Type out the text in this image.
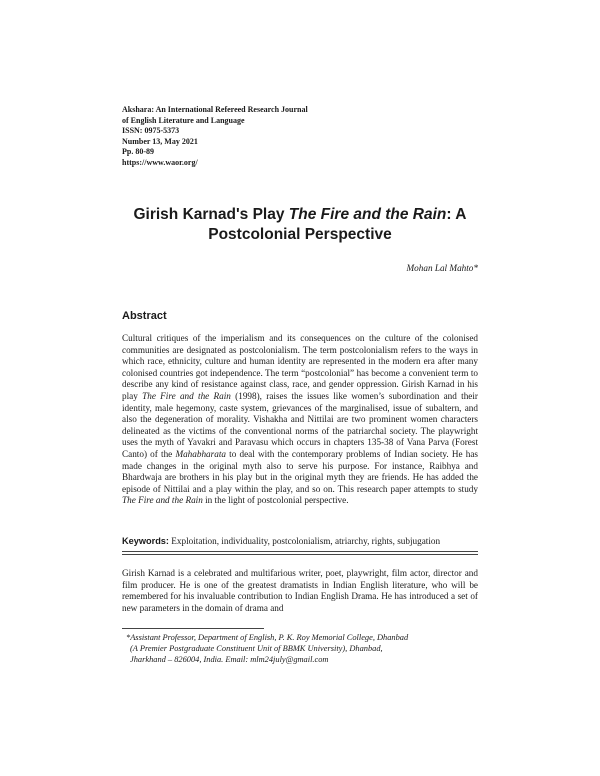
Akshara: An International Refereed Research Journal
of English Literature and Language
ISSN: 0975-5373
Number 13, May 2021
Pp. 80-89
https://www.waor.org/
Girish Karnad's Play The Fire and the Rain: A Postcolonial Perspective
Mohan Lal Mahto*
Abstract
Cultural critiques of the imperialism and its consequences on the culture of the colonised communities are designated as postcolonialism. The term postcolonialism refers to the ways in which race, ethnicity, culture and human identity are represented in the modern era after many colonised countries got independence. The term “postcolonial” has become a convenient term to describe any kind of resistance against class, race, and gender oppression. Girish Karnad in his play The Fire and the Rain (1998), raises the issues like women’s subordination and their identity, male hegemony, caste system, grievances of the marginalised, issue of subaltern, and also the degeneration of morality. Vishakha and Nittilai are two prominent women characters delineated as the victims of the conventional norms of the patriarchal society. The playwright uses the myth of Yavakri and Paravasu which occurs in chapters 135-38 of Vana Parva (Forest Canto) of the Mahabharata to deal with the contemporary problems of Indian society. He has made changes in the original myth also to serve his purpose. For instance, Raibhya and Bhardwaja are brothers in his play but in the original myth they are friends. He has added the episode of Nittilai and a play within the play, and so on. This research paper attempts to study The Fire and the Rain in the light of postcolonial perspective.
Keywords: Exploitation, individuality, postcolonialism, atriarchy, rights, subjugation
Girish Karnad is a celebrated and multifarious writer, poet, playwright, film actor, director and film producer. He is one of the greatest dramatists in Indian English literature, who will be remembered for his invaluable contribution to Indian English Drama. He has introduced a set of new parameters in the domain of drama and
*Assistant Professor, Department of English, P. K. Roy Memorial College, Dhanbad
(A Premier Postgraduate Constituent Unit of BBMK University), Dhanbad,
Jharkhand – 826004, India. Email: mlm24july@gmail.com
